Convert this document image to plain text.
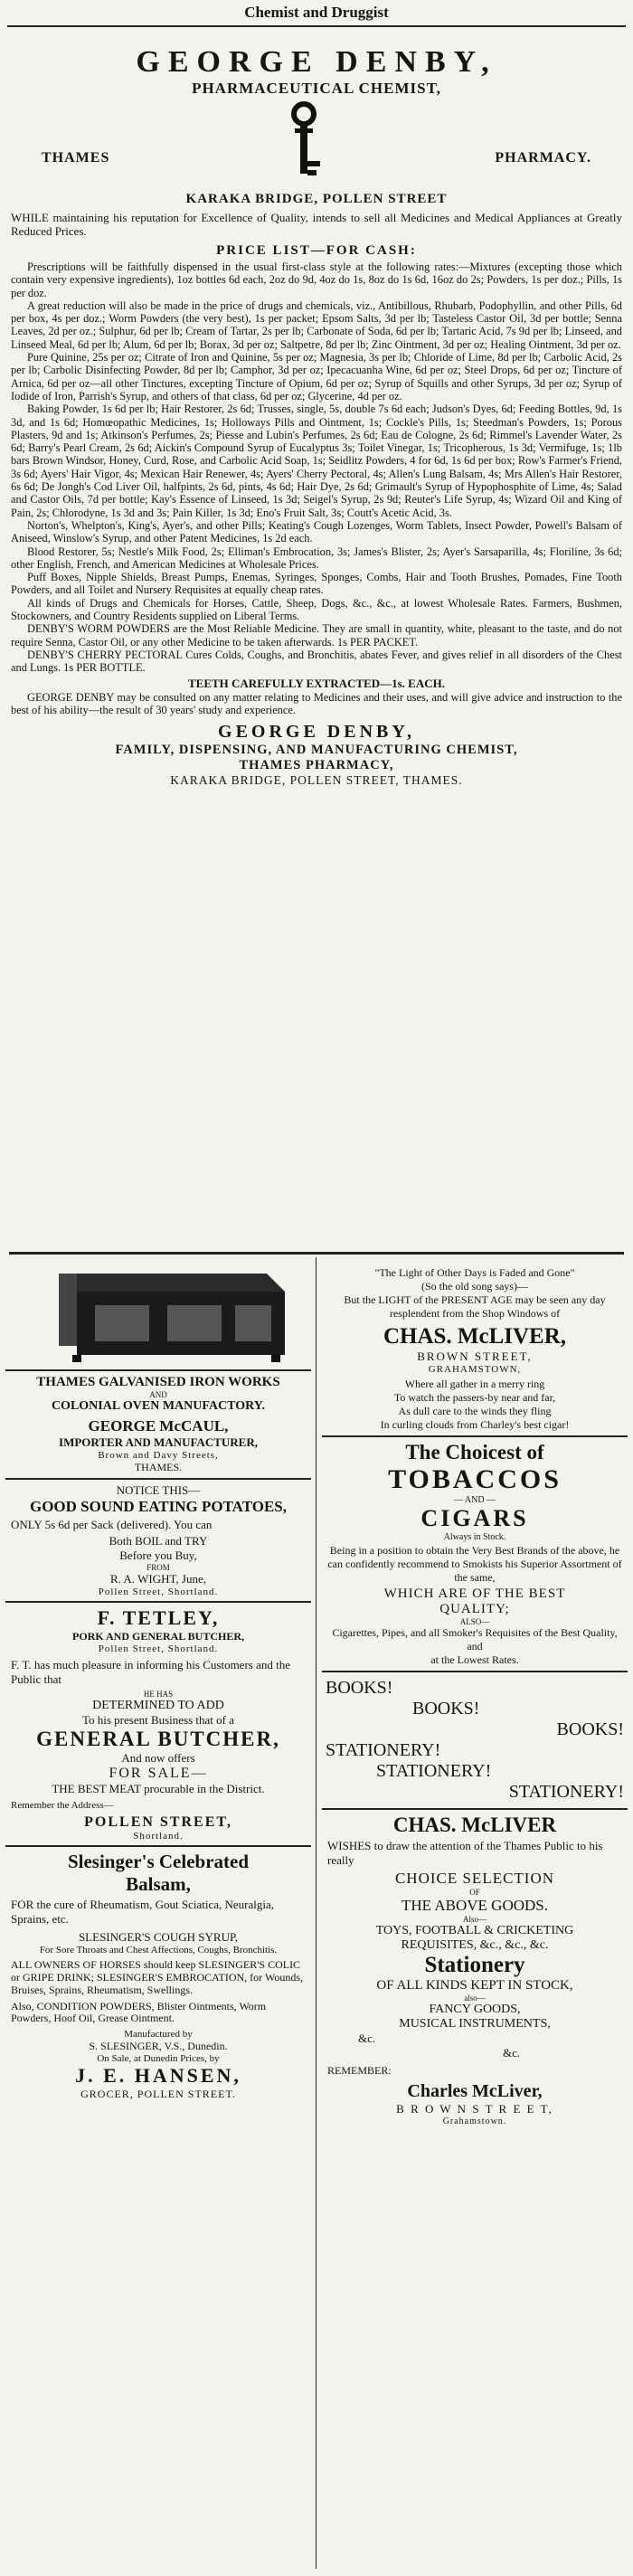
Chemist and Druggist
GEORGE DENBY,
PHARMACEUTICAL CHEMIST,
THAMES	PHARMACY.
KARAKA BRIDGE, POLLEN STREET
WHILE maintaining his reputation for Excellence of Quality, intends to sell all Medicines and Medical Appliances at Greatly Reduced Prices.
PRICE LIST—FOR CASH:

Prescriptions will be faithfully dispensed in the usual first-class style at the following rates:—Mixtures (excepting those which contain very expensive ingredients), 1oz bottles 6d each, 2oz do 9d, 4oz do 1s, 8oz do 1s 6d, 16oz do 2s; Powders, 1s per doz.; Pills, 1s per doz.

A great reduction will also be made in the price of drugs and chemicals, viz., Antibillous, Rhubarb, Podophyllin, and other Pills, 6d per box, 4s per doz.; Worm Powders (the very best), 1s per packet; Epsom Salts, 3d per lb; Tasteless Castor Oil, 3d per bottle; Senna Leaves, 2d per oz.; Sulphur, 6d per lb; Cream of Tartar, 2s per lb; Carbonate of Soda, 6d per lb; Tartaric Acid, 7s 9d per lb; Linseed, and Linseed Meal, 6d per lb; Alum, 6d per lb; Borax, 3d per oz; Saltpetre, 8d per lb; Zinc Ointment, 3d per oz; Healing Ointment, 3d per oz.

Pure Quinine, 25s per oz; Citrate of Iron and Quinine, 5s per oz; Magnesia, 3s per lb; Chloride of Lime, 8d per lb; Carbolic Acid, 2s per lb; Carbolic Disinfecting Powder, 8d per lb; Camphor, 3d per oz; Ipecacuanha Wine, 6d per oz; Steel Drops, 6d per oz; Tincture of Arnica, 6d per oz—all other Tinctures, excepting Tincture of Opium, 6d per oz; Syrup of Squills and other Syrups, 3d per oz; Syrup of Iodide of Iron, Parrish's Syrup, and others of that class, 6d per oz; Glycerine, 4d per oz.

Baking Powder, 1s 6d per lb; Hair Restorer, 2s 6d; Trusses, single, 5s, double 7s 6d each; Judson's Dyes, 6d; Feeding Bottles, 9d, 1s 3d, and 1s 6d; Homœopathic Medicines, 1s; Holloways Pills and Ointment, 1s; Cockle's Pills, 1s; Steedman's Powders, 1s; Porous Plasters, 9d and 1s; Atkinson's Perfumes, 2s; Piesse and Lubin's Perfumes, 2s 6d; Eau de Cologne, 2s 6d; Rimmel's Lavender Water, 2s 6d; Barry's Pearl Cream, 2s 6d; Aickin's Compound Syrup of Eucalyptus 3s; Toilet Vinegar, 1s; Tricopherous, 1s 3d; Vermifuge, 1s; 1lb bars Brown Windsor, Honey, Curd, Rose, and Carbolic Acid Soap, 1s; Seidlitz Powders, 4 for 6d, 1s 6d per box; Row's Farmer's Friend, 3s 6d; Ayers' Hair Vigor, 4s; Mexican Hair Renewer, 4s; Ayers' Cherry Pectoral, 4s; Allen's Lung Balsam, 4s; Mrs Allen's Hair Restorer, 6s 6d; De Jongh's Cod Liver Oil, halfpints, 2s 6d, pints, 4s 6d; Hair Dye, 2s 6d; Grimault's Syrup of Hypophosphite of Lime, 4s; Salad and Castor Oils, 7d per bottle; Kay's Essence of Linseed, 1s 3d; Seigel's Syrup, 2s 9d; Reuter's Life Syrup, 4s; Wizard Oil and King of Pain, 2s; Chlorodyne, 1s 3d and 3s; Pain Killer, 1s 3d; Eno's Fruit Salt, 3s; Coutt's Acetic Acid, 3s.

Norton's, Whelpton's, King's, Ayer's, and other Pills; Keating's Cough Lozenges, Worm Tablets, Insect Powder, Powell's Balsam of Aniseed, Winslow's Syrup, and other Patent Medicines, 1s 2d each.

Blood Restorer, 5s; Nestle's Milk Food, 2s; Elliman's Embrocation, 3s; James's Blister, 2s; Ayer's Sarsaparilla, 4s; Floriline, 3s 6d; other English, French, and American Medicines at Wholesale Prices.

Puff Boxes, Nipple Shields, Breast Pumps, Enemas, Syringes, Sponges, Combs, Hair and Tooth Brushes, Pomades, Fine Tooth Powders, and all Toilet and Nursery Requisites at equally cheap rates.

All kinds of Drugs and Chemicals for Horses, Cattle, Sheep, Dogs, &c., &c., at lowest Wholesale Rates. Farmers, Bushmen, Stockowners, and Country Residents supplied on Liberal Terms.

DENBY'S WORM POWDERS are the Most Reliable Medicine. They are small in quantity, white, pleasant to the taste, and do not require Senna, Castor Oil, or any other Medicine to be taken afterwards. 1s PER PACKET.

DENBY'S CHERRY PECTORAL Cures Colds, Coughs, and Bronchitis, abates Fever, and gives relief in all disorders of the Chest and Lungs. 1s PER BOTTLE.

TEETH CAREFULLY EXTRACTED—1s. EACH.

GEORGE DENBY may be consulted on any matter relating to Medicines and their uses, and will give advice and instruction to the best of his ability—the result of 30 years' study and experience.

GEORGE DENBY,
FAMILY, DISPENSING, AND MANUFACTURING CHEMIST,
THAMES PHARMACY,
KARAKA BRIDGE, POLLEN STREET, THAMES.
THAMES GALVANISED IRON WORKS
AND
COLONIAL OVEN MANUFACTORY.
GEORGE McCAUL,
IMPORTER AND MANUFACTURER,
Brown and Davy Streets,
THAMES.
NOTICE THIS—
GOOD SOUND EATING POTATOES,
ONLY 5s 6d per Sack (delivered). You can
Both BOIL and TRY
Before you Buy,
FROM
R. A. WIGHT, June,
Pollen Street, Shortland.
F. TETLEY,
PORK AND GENERAL BUTCHER,
Pollen Street, Shortland.
F. T. has much pleasure in informing his Customers and the Public that
HE HAS
DETERMINED TO ADD
To his present Business that of a
GENERAL BUTCHER,
And now offers
FOR SALE—
THE BEST MEAT procurable in the District.
Remember the Address—
POLLEN STREET,
Shortland.
Slesinger's Celebrated
Balsam,
FOR the cure of Rheumatism, Gout Sciatica, Neuralgia, Sprains, etc.
SLESINGER'S COUGH SYRUP,
For Sore Throats and Chest Affections, Coughs, Bronchitis.
ALL OWNERS OF HORSES should keep SLESINGER'S COLIC or GRIPE DRINK; SLESINGER'S EMBROCATION, for Wounds, Bruises, Sprains, Rheumatism, Swellings.
Also, CONDITION POWDERS, Blister Ointments, Worm Powders, Hoof Oil, Grease Ointment.
Manufactured by
S. SLESINGER, V.S., Dunedin.
On Sale, at Dunedin Prices, by
J. E. HANSEN,
GROCER, POLLEN STREET.
"The Light of Other Days is Faded and Gone"
(So the old song says)—
But the LIGHT of the PRESENT AGE may be seen any day resplendent from the Shop Windows of
CHAS. McLIVER,
BROWN STREET,
GRAHAMSTOWN,
Where all gather in a merry ring
To watch the passers-by near and far,
As dull care to the winds they fling
In curling clouds from Charley's best cigar!
The Choicest of
TOBACCOS
— AND —
CIGARS
Always in Stock.
Being in a position to obtain the Very Best Brands of the above, he can confidently recommend to Smokists his Superior Assortment of the same,
WHICH ARE OF THE BEST
QUALITY;
ALSO—
Cigarettes, Pipes, and all Smoker's Requisites of the Best Quality, and
at the Lowest Rates.
BOOKS!
BOOKS!
BOOKS!
STATIONERY!
STATIONERY!
STATIONERY!
CHAS. McLIVER
WISHES to draw the attention of the Thames Public to his really
CHOICE SELECTION
OF
THE ABOVE GOODS.
Also—
TOYS, FOOTBALL & CRICKETING
REQUISITES, &c., &c., &c.
Stationery
OF ALL KINDS KEPT IN STOCK,
also—
FANCY GOODS,
MUSICAL INSTRUMENTS,
&c.
&c.
REMEMBER:
Charles McLiver,
B R O W N S T R E E T,
Grahamstown.
